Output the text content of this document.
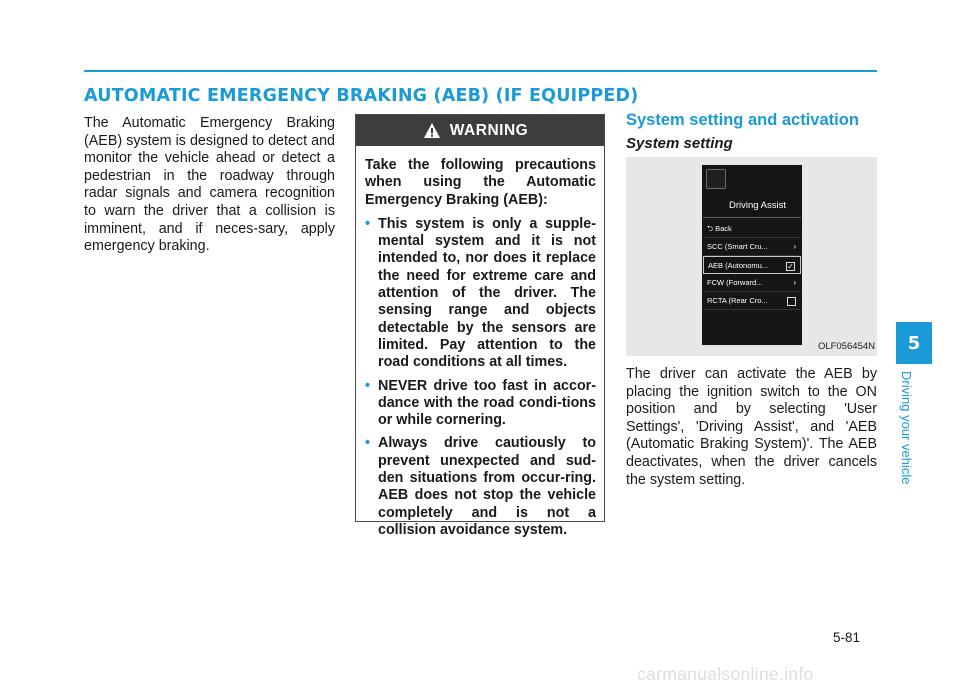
AUTOMATIC EMERGENCY BRAKING (AEB) (IF EQUIPPED)

The Automatic Emergency Braking (AEB) system is designed to detect and monitor the vehicle ahead or detect a pedestrian in the roadway through radar signals and camera recognition to warn the driver that a collision is imminent, and if neces-sary, apply emergency braking.

WARNING

Take the following precautions when using the Automatic Emergency Braking (AEB):

• This system is only a supple-mental system and it is not intended to, nor does it replace the need for extreme care and attention of the driver. The sensing range and objects detectable by the sensors are limited. Pay attention to the road conditions at all times.
• NEVER drive too fast in accor-dance with the road condi-tions or while cornering.
• Always drive cautiously to prevent unexpected and sud-den situations from occur-ring. AEB does not stop the vehicle completely and is not a collision avoidance system.
System setting and activation
System setting
Driving Assist
⮌ Back
SCC (Smart Cru...	›
AEB (Autonomu... ✓
FCW (Forward...	›
RCTA (Rear Cro...
OLF056454N

The driver can activate the AEB by placing the ignition switch to the ON position and by selecting 'User Settings', 'Driving Assist', and 'AEB (Automatic Braking System)'. The AEB deactivates, when the driver cancels the system setting.

5
Driving your vehicle
5-81
carmanualsonline.info
